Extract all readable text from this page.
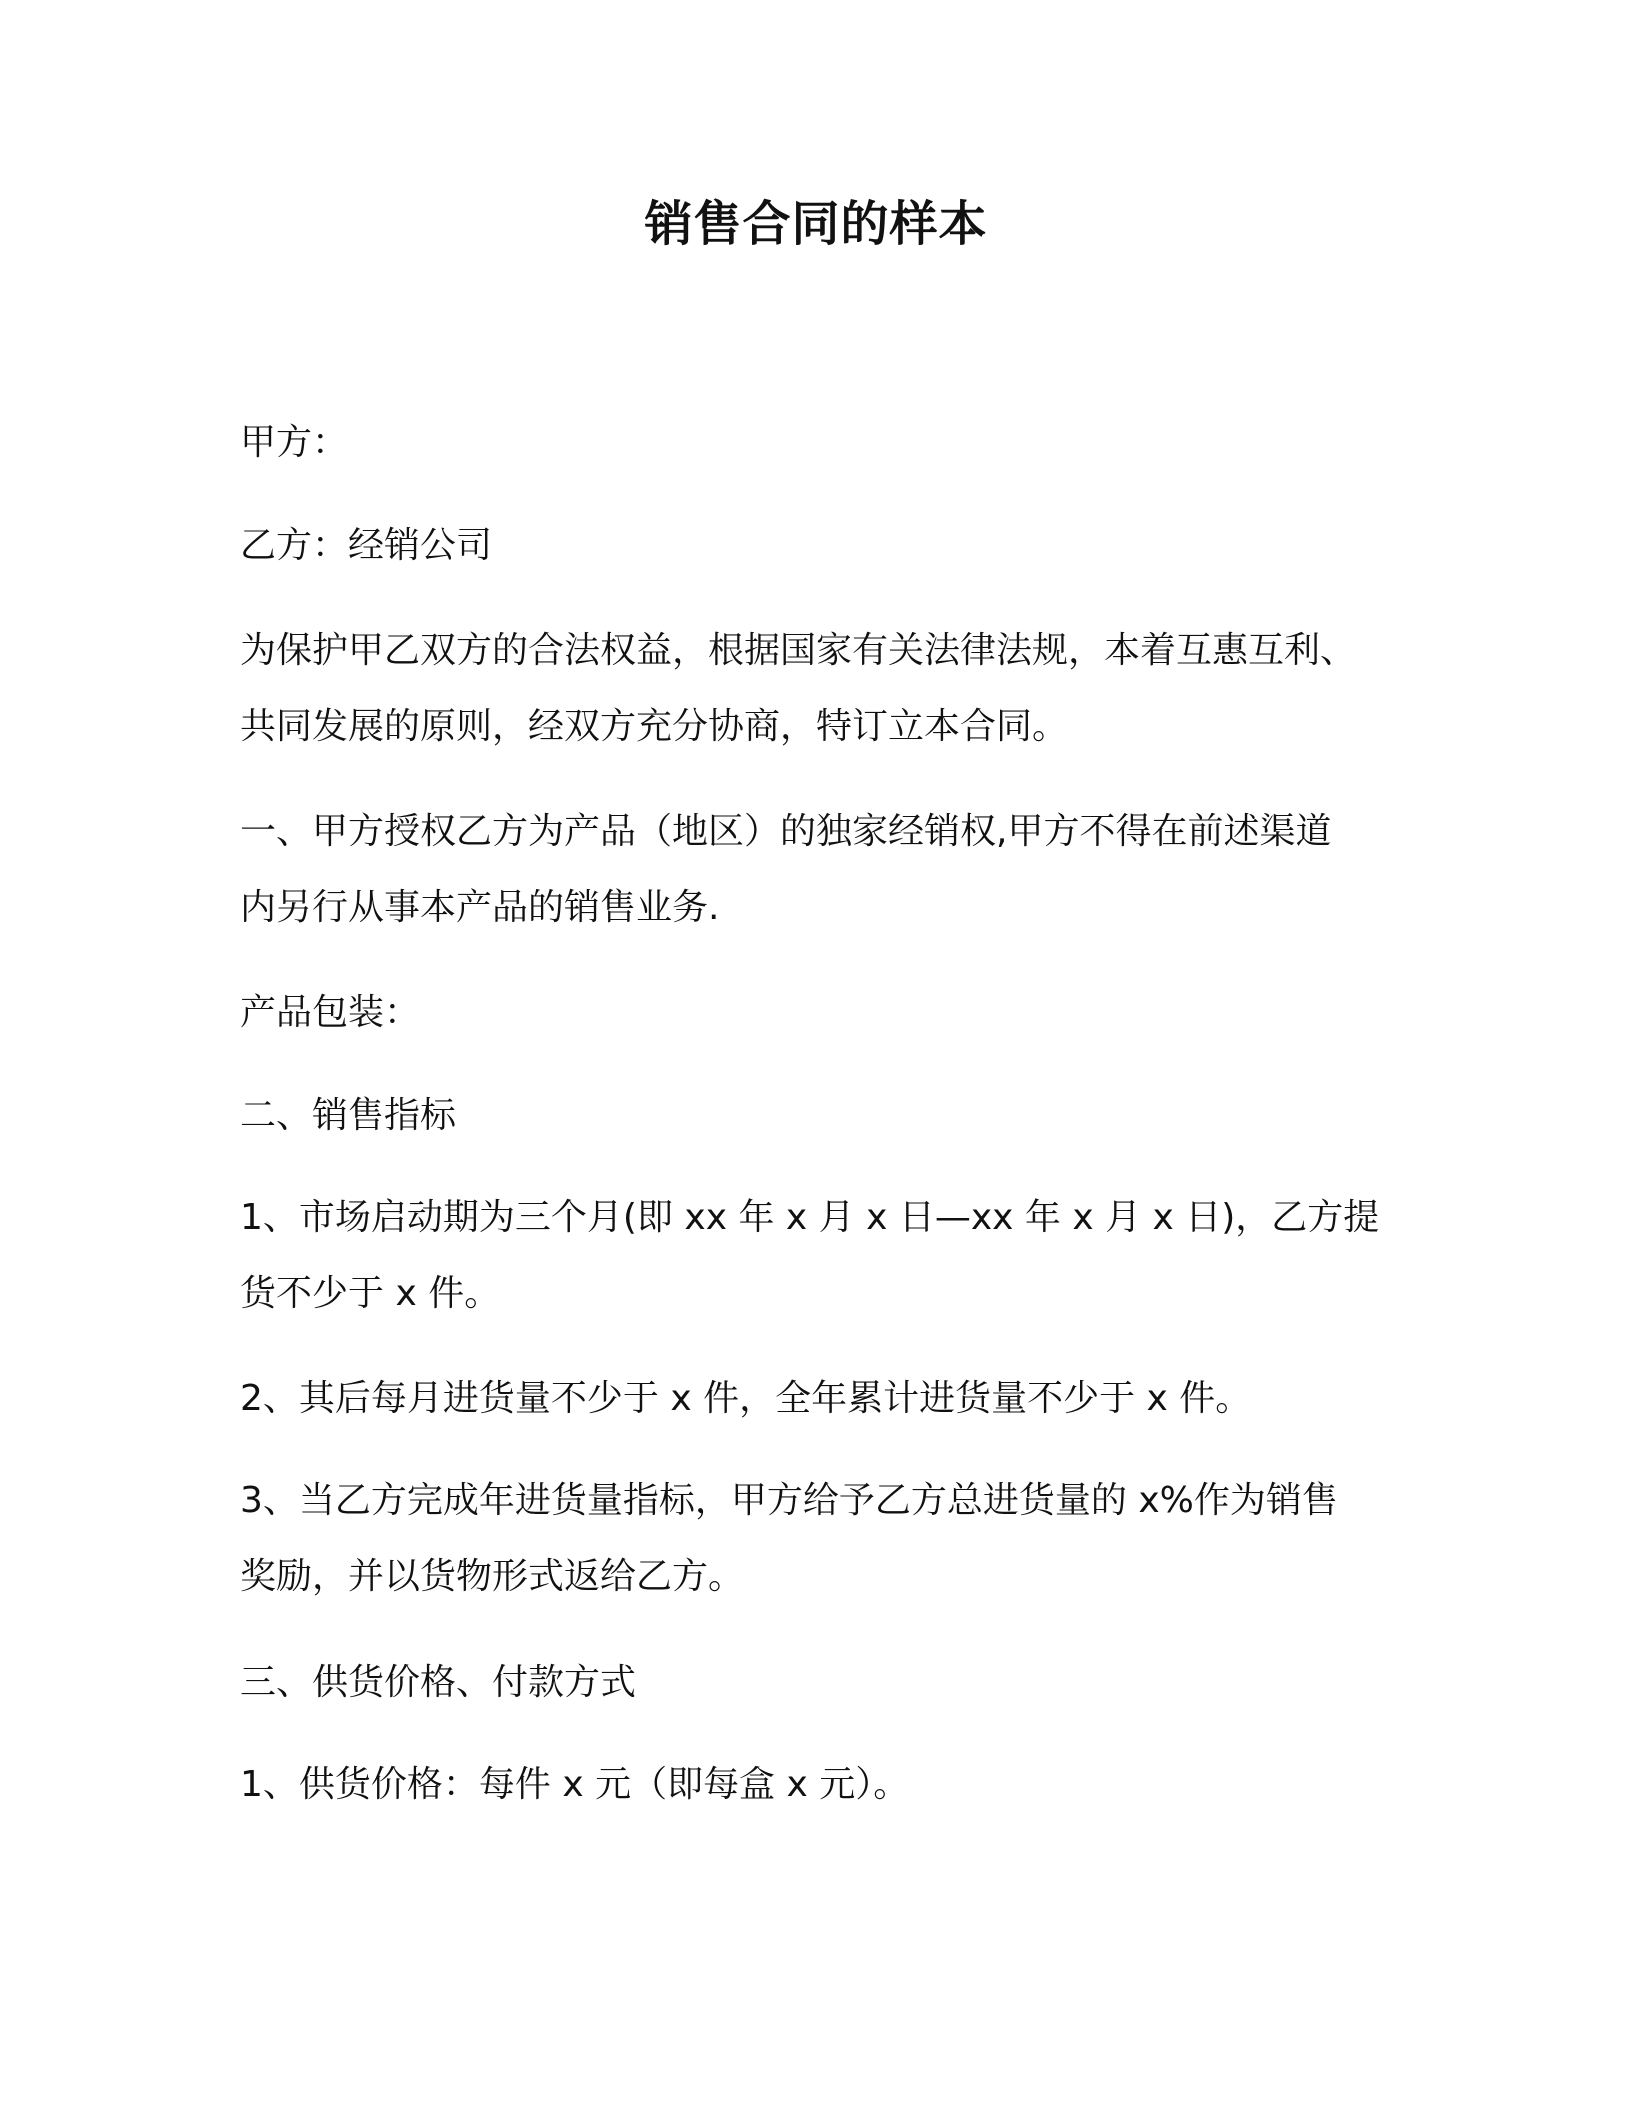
销售合同的样本
甲方：
乙方：经销公司
为保护甲乙双方的合法权益，根据国家有关法律法规，本着互惠互利、
共同发展的原则，经双方充分协商，特订立本合同。
一、甲方授权乙方为产品（地区）的独家经销权,甲方不得在前述渠道
内另行从事本产品的销售业务.
产品包装：
二、销售指标
1、市场启动期为三个月(即 xx 年 x 月 x 日—xx 年 x 月 x 日)，乙方提
货不少于 x 件。
2、其后每月进货量不少于 x 件，全年累计进货量不少于 x 件。
3、当乙方完成年进货量指标，甲方给予乙方总进货量的 x%作为销售
奖励，并以货物形式返给乙方。
三、供货价格、付款方式
1、供货价格：每件 x 元（即每盒 x 元）。
